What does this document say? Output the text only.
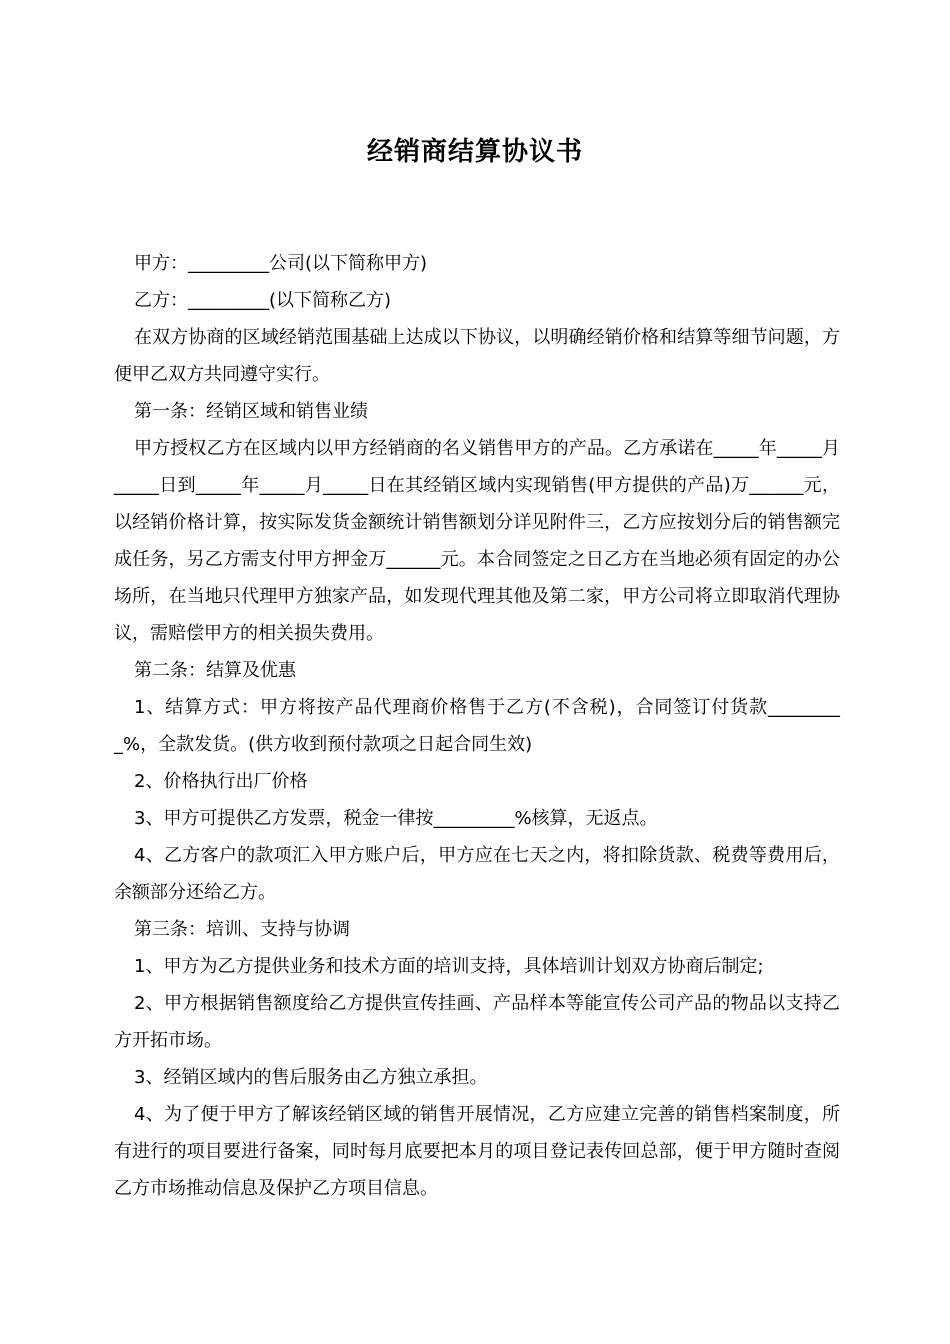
经销商结算协议书

甲方：_________公司(以下简称甲方)

乙方：_________(以下简称乙方)

在双方协商的区域经销范围基础上达成以下协议，以明确经销价格和结算等细节问题，方便甲乙双方共同遵守实行。

第一条：经销区域和销售业绩

甲方授权乙方在区域内以甲方经销商的名义销售甲方的产品。乙方承诺在_____年_____月_____日到_____年_____月_____日在其经销区域内实现销售(甲方提供的产品)万______元，以经销价格计算，按实际发货金额统计销售额划分详见附件三，乙方应按划分后的销售额完成任务，另乙方需支付甲方押金万______元。本合同签定之日乙方在当地必须有固定的办公场所，在当地只代理甲方独家产品，如发现代理其他及第二家，甲方公司将立即取消代理协议，需赔偿甲方的相关损失费用。

第二条：结算及优惠

1、结算方式：甲方将按产品代理商价格售于乙方(不含税)，合同签订付货款_________%，全款发货。(供方收到预付款项之日起合同生效)

2、价格执行出厂价格

3、甲方可提供乙方发票，税金一律按_________%核算，无返点。

4、乙方客户的款项汇入甲方账户后，甲方应在七天之内，将扣除货款、税费等费用后，余额部分还给乙方。

第三条：培训、支持与协调

1、甲方为乙方提供业务和技术方面的培训支持，具体培训计划双方协商后制定;

2、甲方根据销售额度给乙方提供宣传挂画、产品样本等能宣传公司产品的物品以支持乙方开拓市场。

3、经销区域内的售后服务由乙方独立承担。

4、为了便于甲方了解该经销区域的销售开展情况，乙方应建立完善的销售档案制度，所有进行的项目要进行备案，同时每月底要把本月的项目登记表传回总部，便于甲方随时查阅乙方市场推动信息及保护乙方项目信息。
